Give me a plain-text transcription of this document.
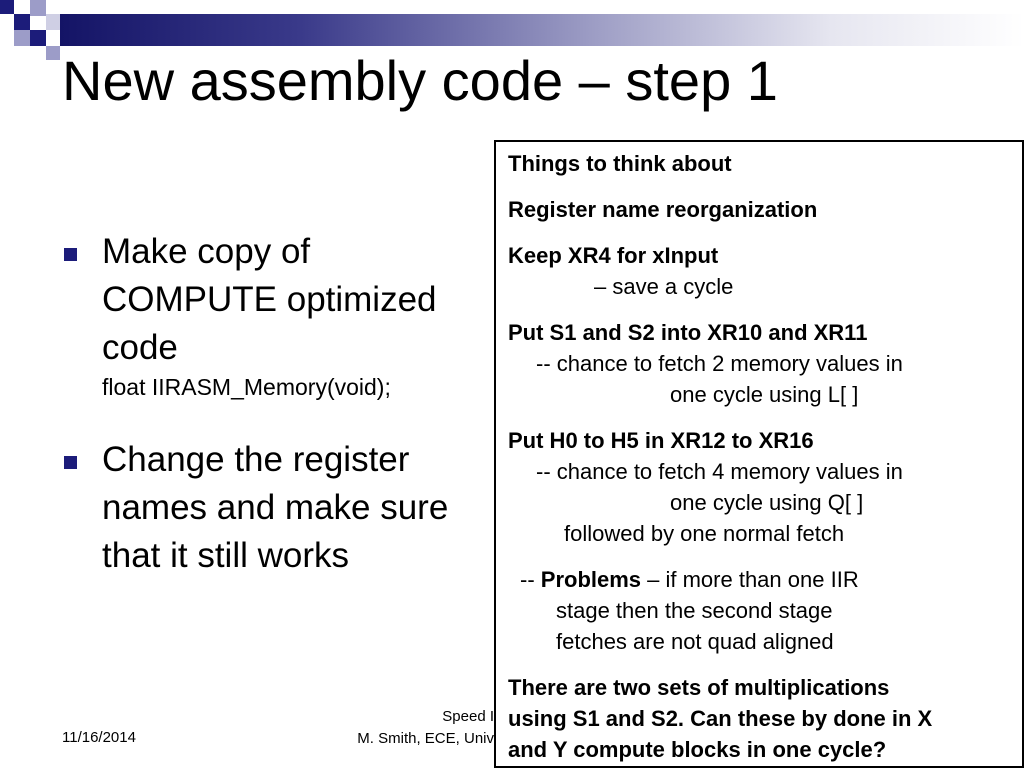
New assembly code – step 1
Make copy of COMPUTE optimized code
float IIRASM_Memory(void);
Change the register names and make sure that it still works

Things to think about

Register name reorganization

Keep XR4 for xInput
– save a cycle

Put S1 and S2 into XR10 and XR11
-- chance to fetch 2 memory values in
one cycle using L[ ]

Put H0 to H5 in XR12 to XR16
-- chance to fetch 4 memory values in
one cycle using Q[ ]
followed by one normal fetch

-- Problems – if more than one IIR
stage then the second stage
fetches are not quad aligned

There are two sets of multiplications
using S1 and S2. Can these by done in X
and Y compute blocks in one cycle?

11/16/2014
Speed I
M. Smith, ECE, Univ
